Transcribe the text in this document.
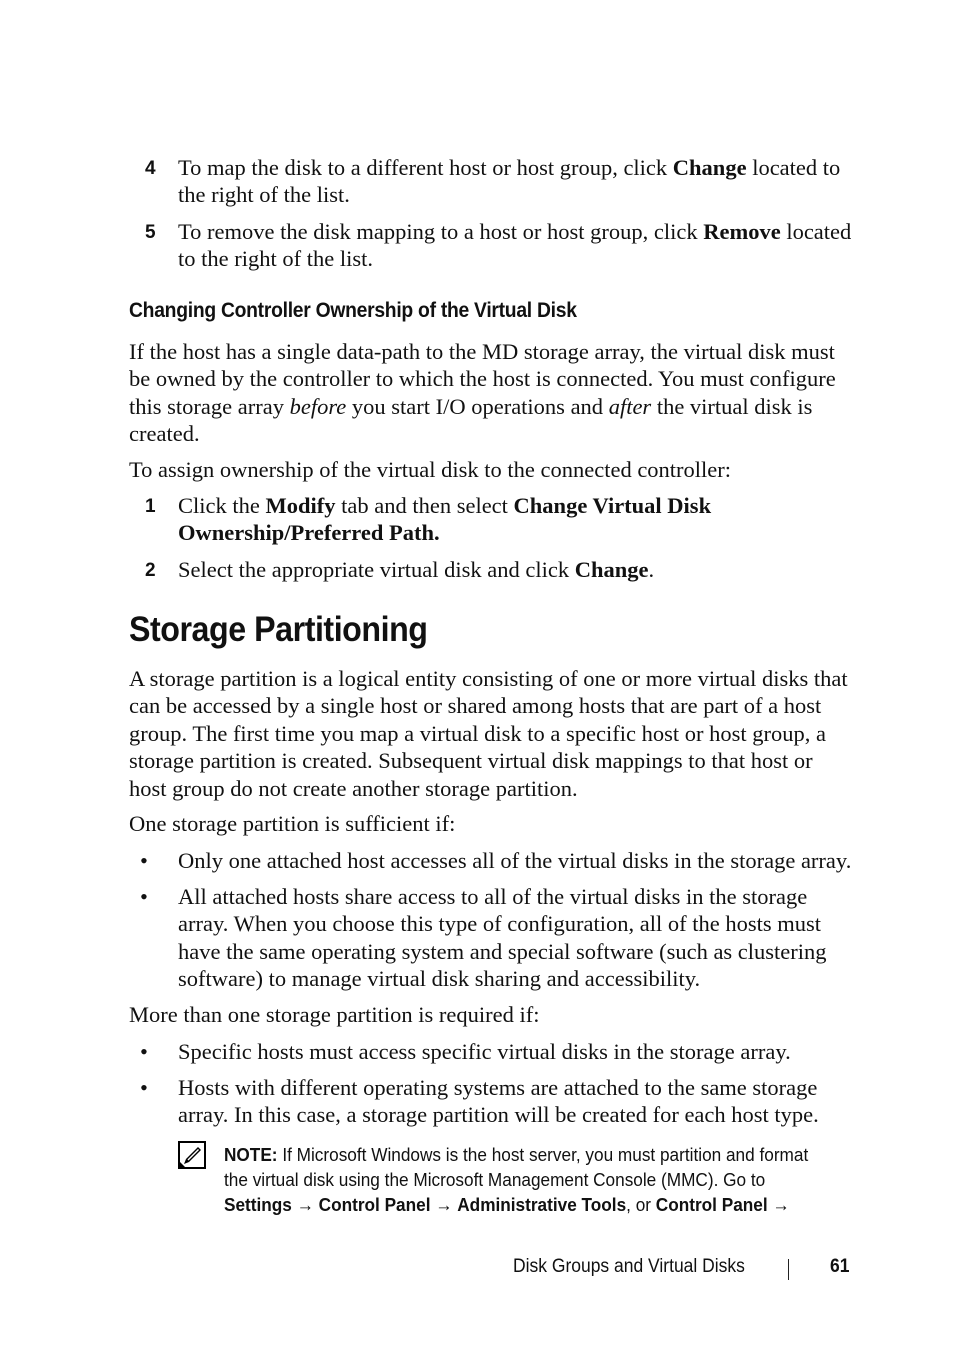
4 To map the disk to a different host or host group, click Change located to the right of the list.
5 To remove the disk mapping to a host or host group, click Remove located to the right of the list.
Changing Controller Ownership of the Virtual Disk

If the host has a single data-path to the MD storage array, the virtual disk must be owned by the controller to which the host is connected. You must configure this storage array before you start I/O operations and after the virtual disk is created.

To assign ownership of the virtual disk to the connected controller:

1 Click the Modify tab and then select Change Virtual Disk Ownership/Preferred Path.
2 Select the appropriate virtual disk and click Change.
Storage Partitioning

A storage partition is a logical entity consisting of one or more virtual disks that can be accessed by a single host or shared among hosts that are part of a host group. The first time you map a virtual disk to a specific host or host group, a storage partition is created. Subsequent virtual disk mappings to that host or host group do not create another storage partition.

One storage partition is sufficient if:

•	Only one attached host accesses all of the virtual disks in the storage array.
•	All attached hosts share access to all of the virtual disks in the storage array. When you choose this type of configuration, all of the hosts must have the same operating system and special software (such as clustering software) to manage virtual disk sharing and accessibility.

More than one storage partition is required if:

•	Specific hosts must access specific virtual disks in the storage array.
•	Hosts with different operating systems are attached to the same storage array. In this case, a storage partition will be created for each host type.
NOTE: If Microsoft Windows is the host server, you must partition and format the virtual disk using the Microsoft Management Console (MMC). Go to Settings → Control Panel → Administrative Tools, or Control Panel →
Disk Groups and Virtual Disks	61
